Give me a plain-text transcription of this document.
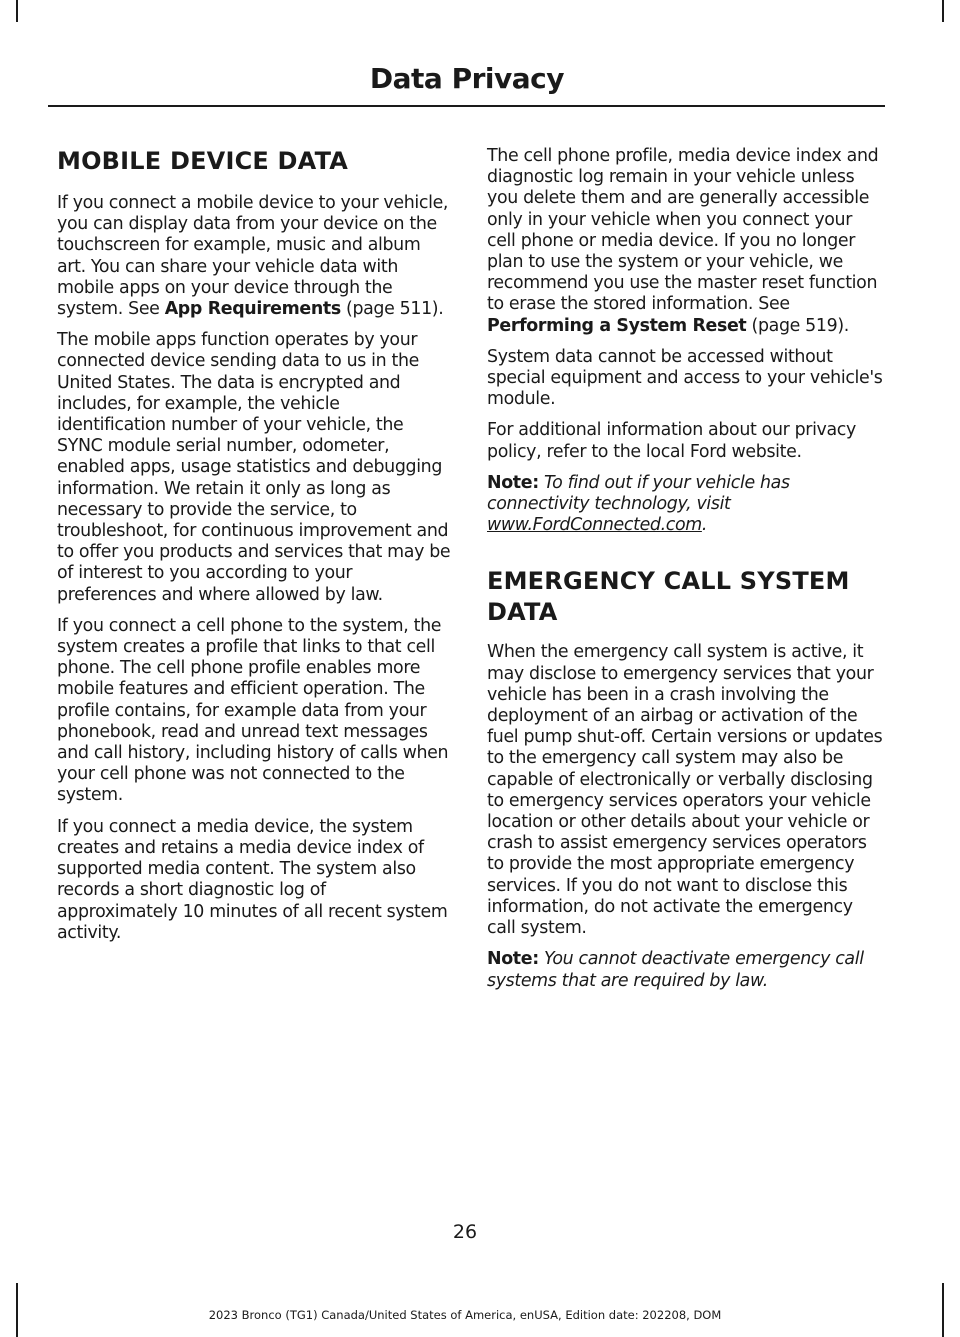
Data Privacy
MOBILE DEVICE DATA

If you connect a mobile device to your vehicle, you can display data from your device on the touchscreen for example, music and album art. You can share your vehicle data with mobile apps on your device through the system. See App Requirements (page 511).

The mobile apps function operates by your connected device sending data to us in the United States. The data is encrypted and includes, for example, the vehicle identification number of your vehicle, the SYNC module serial number, odometer, enabled apps, usage statistics and debugging information. We retain it only as long as necessary to provide the service, to troubleshoot, for continuous improvement and to offer you products and services that may be of interest to you according to your preferences and where allowed by law.

If you connect a cell phone to the system, the system creates a profile that links to that cell phone. The cell phone profile enables more mobile features and efficient operation. The profile contains, for example data from your phonebook, read and unread text messages and call history, including history of calls when your cell phone was not connected to the system.

If you connect a media device, the system creates and retains a media device index of supported media content. The system also records a short diagnostic log of approximately 10 minutes of all recent system activity.

The cell phone profile, media device index and diagnostic log remain in your vehicle unless you delete them and are generally accessible only in your vehicle when you connect your cell phone or media device. If you no longer plan to use the system or your vehicle, we recommend you use the master reset function to erase the stored information. See Performing a System Reset (page 519).

System data cannot be accessed without special equipment and access to your vehicle's module.

For additional information about our privacy policy, refer to the local Ford website.

Note: To find out if your vehicle has connectivity technology, visit www.FordConnected.com.

EMERGENCY CALL SYSTEM
DATA

When the emergency call system is active, it may disclose to emergency services that your vehicle has been in a crash involving the deployment of an airbag or activation of the fuel pump shut-off. Certain versions or updates to the emergency call system may also be capable of electronically or verbally disclosing to emergency services operators your vehicle location or other details about your vehicle or crash to assist emergency services operators to provide the most appropriate emergency services. If you do not want to disclose this information, do not activate the emergency call system.

Note: You cannot deactivate emergency call systems that are required by law.

26
2023 Bronco (TG1) Canada/United States of America, enUSA, Edition date: 202208, DOM
